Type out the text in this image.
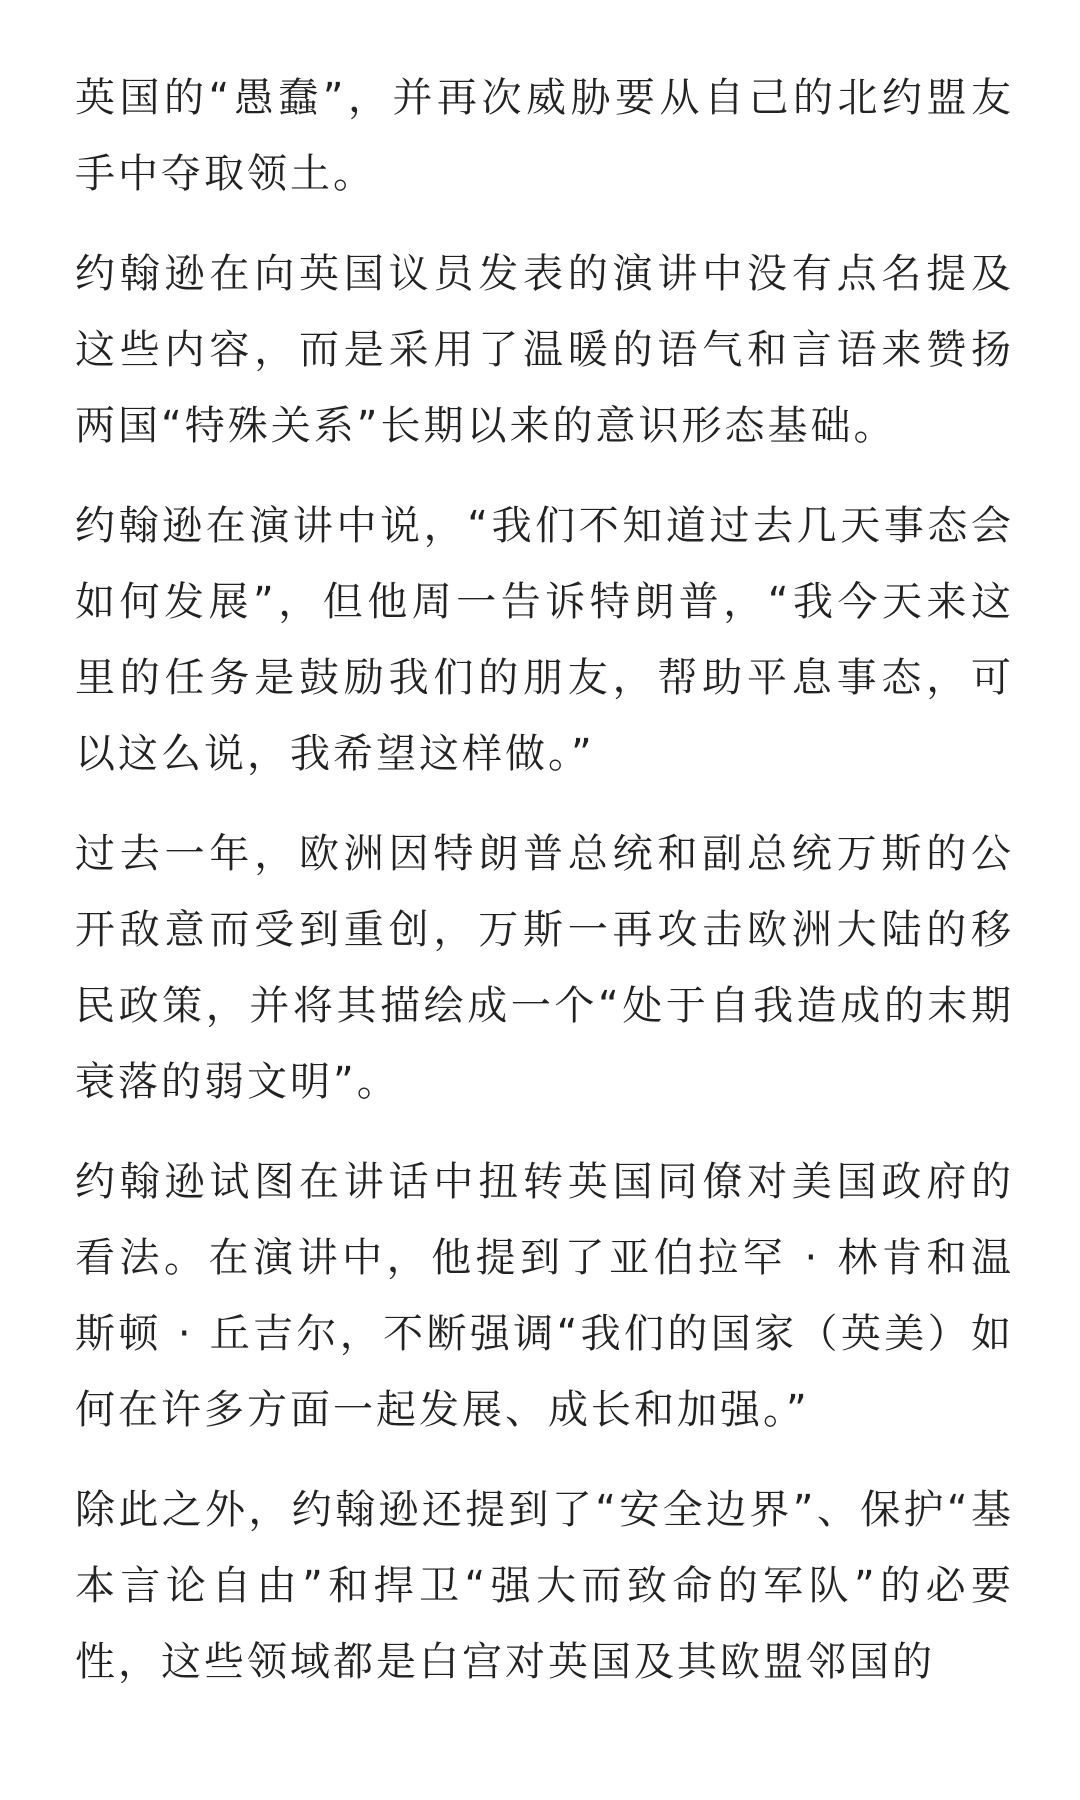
英国的“愚蠢”，并再次威胁要从自己的北约盟友手中夺取领土。

约翰逊在向英国议员发表的演讲中没有点名提及这些内容，而是采用了温暖的语气和言语来赞扬两国“特殊关系”长期以来的意识形态基础。

约翰逊在演讲中说，“我们不知道过去几天事态会如何发展”，但他周一告诉特朗普，“我今天来这里的任务是鼓励我们的朋友，帮助平息事态，可以这么说，我希望这样做。”

过去一年，欧洲因特朗普总统和副总统万斯的公开敌意而受到重创，万斯一再攻击欧洲大陆的移民政策，并将其描绘成一个“处于自我造成的末期衰落的弱文明”。

约翰逊试图在讲话中扭转英国同僚对美国政府的看法。在演讲中，他提到了亚伯拉罕 · 林肯和温斯顿 · 丘吉尔，不断强调“我们的国家（英美）如何在许多方面一起发展、成长和加强。”

除此之外，约翰逊还提到了“安全边界”、保护“基本言论自由”和捍卫“强大而致命的军队”的必要性，这些领域都是白宫对英国及其欧盟邻国的
